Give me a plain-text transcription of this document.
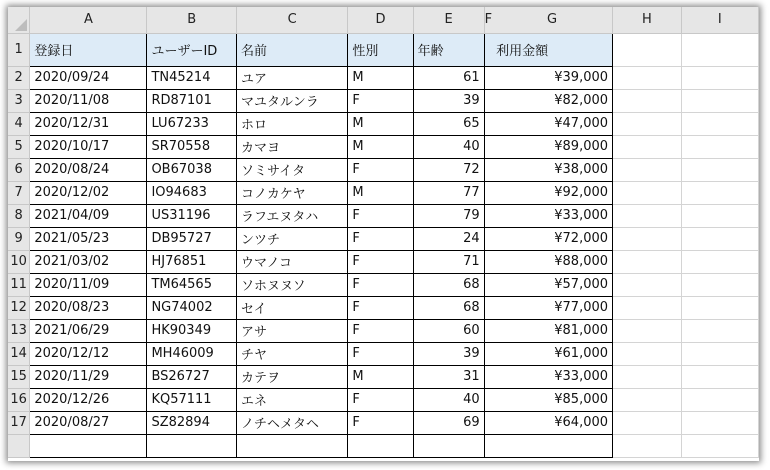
	A	B	C	D	E	F	G	H	I
1	登録日	ユーザーID	名前	性別	年齢		利用金額		
2	2020/09/24	TN45214	ユア	M	61		¥39,000		
3	2020/11/08	RD87101	マユタルンラ	F	39		¥82,000		
4	2020/12/31	LU67233	ホロ	M	65		¥47,000		
5	2020/10/17	SR70558	カマヨ	M	40		¥89,000		
6	2020/08/24	OB67038	ソミサイタ	F	72		¥38,000		
7	2020/12/02	IO94683	コノカケヤ	M	77		¥92,000		
8	2021/04/09	US31196	ラフエヌタハ	F	79		¥33,000		
9	2021/05/23	DB95727	ンツチ	F	24		¥72,000		
10	2021/03/02	HJ76851	ウマノコ	F	71		¥88,000		
11	2020/11/09	TM64565	ソホヌヌソ	F	68		¥57,000		
12	2020/08/23	NG74002	セイ	F	68		¥77,000		
13	2021/06/29	HK90349	アサ	F	60		¥81,000		
14	2020/12/12	MH46009	チヤ	F	39		¥61,000		
15	2020/11/29	BS26727	カテヲ	M	31		¥33,000		
16	2020/12/26	KQ57111	エネ	F	40		¥85,000		
17	2020/08/27	SZ82894	ノチヘメタヘ	F	69		¥64,000		
